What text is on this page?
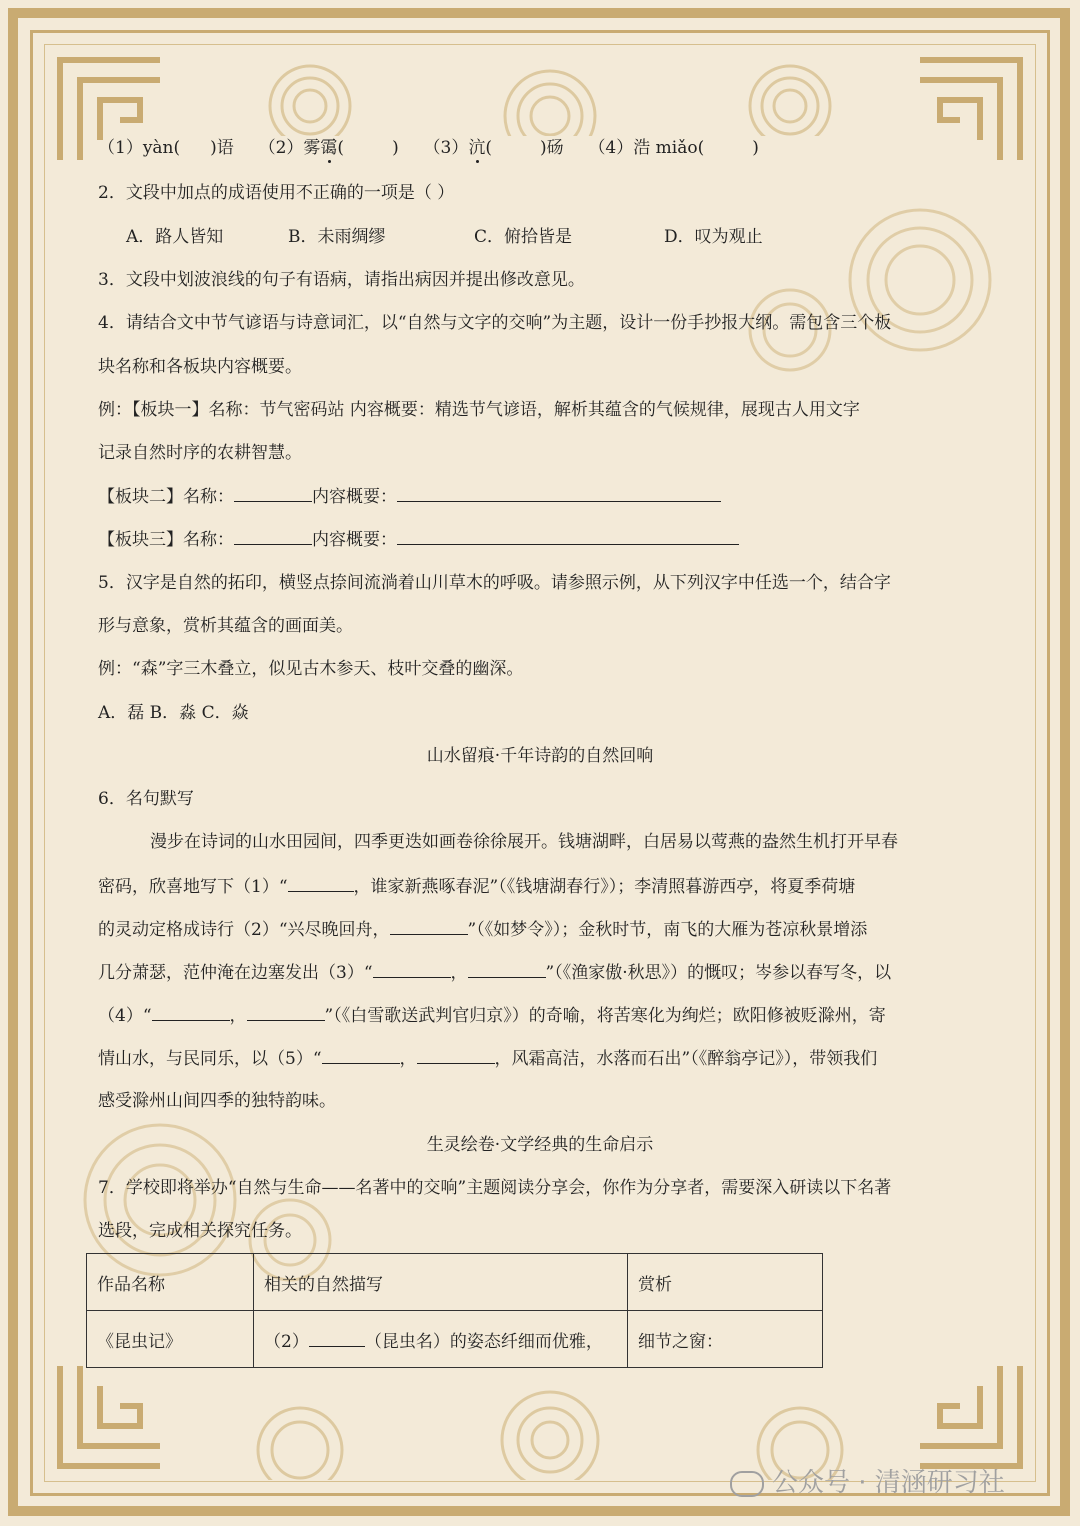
（1）yàn( )语 （2）雾霭(	) （3）沆(	)砀 （4）浩 miǎo(	)
2．文段中加点的成语使用不正确的一项是（ ）
A．路人皆知	B．未雨绸缪	C．俯拾皆是	D．叹为观止
3．文段中划波浪线的句子有语病，请指出病因并提出修改意见。
4．请结合文中节气谚语与诗意词汇，以“自然与文字的交响”为主题，设计一份手抄报大纲。需包含三个板
块名称和各板块内容概要。
例：【板块一】名称：节气密码站 内容概要：精选节气谚语，解析其蕴含的气候规律，展现古人用文字
记录自然时序的农耕智慧。
【板块二】名称：	内容概要：
【板块三】名称：	内容概要：
5．汉字是自然的拓印，横竖点捺间流淌着山川草木的呼吸。请参照示例，从下列汉字中任选一个，结合字
形与意象，赏析其蕴含的画面美。
例：“森”字三木叠立，似见古木参天、枝叶交叠的幽深。
A．磊 B．淼 C．焱
山水留痕·千年诗韵的自然回响
6．名句默写
漫步在诗词的山水田园间，四季更迭如画卷徐徐展开。钱塘湖畔，白居易以莺燕的盎然生机打开早春
密码，欣喜地写下（1）“	，谁家新燕啄春泥”（《钱塘湖春行》）；李清照暮游西亭，将夏季荷塘
的灵动定格成诗行（2）“兴尽晚回舟，	”（《如梦令》）；金秋时节，南飞的大雁为苍凉秋景增添
几分萧瑟，范仲淹在边塞发出（3）“	，	”（《渔家傲·秋思》）的慨叹；岑参以春写冬，以
（4）“	，	”（《白雪歌送武判官归京》）的奇喻，将苦寒化为绚烂；欧阳修被贬滁州，寄
情山水，与民同乐，以（5）“	，	，风霜高洁，水落而石出”（《醉翁亭记》），带领我们
感受滁州山间四季的独特韵味。
生灵绘卷·文学经典的生命启示
7．学校即将举办“自然与生命——名著中的交响”主题阅读分享会，你作为分享者，需要深入研读以下名著
选段，完成相关探究任务。
作品名称	相关的自然描写	赏析
《昆虫记》	（2） （昆虫名）的姿态纤细而优雅，	细节之窗：
公众号 · 清涵研习社
